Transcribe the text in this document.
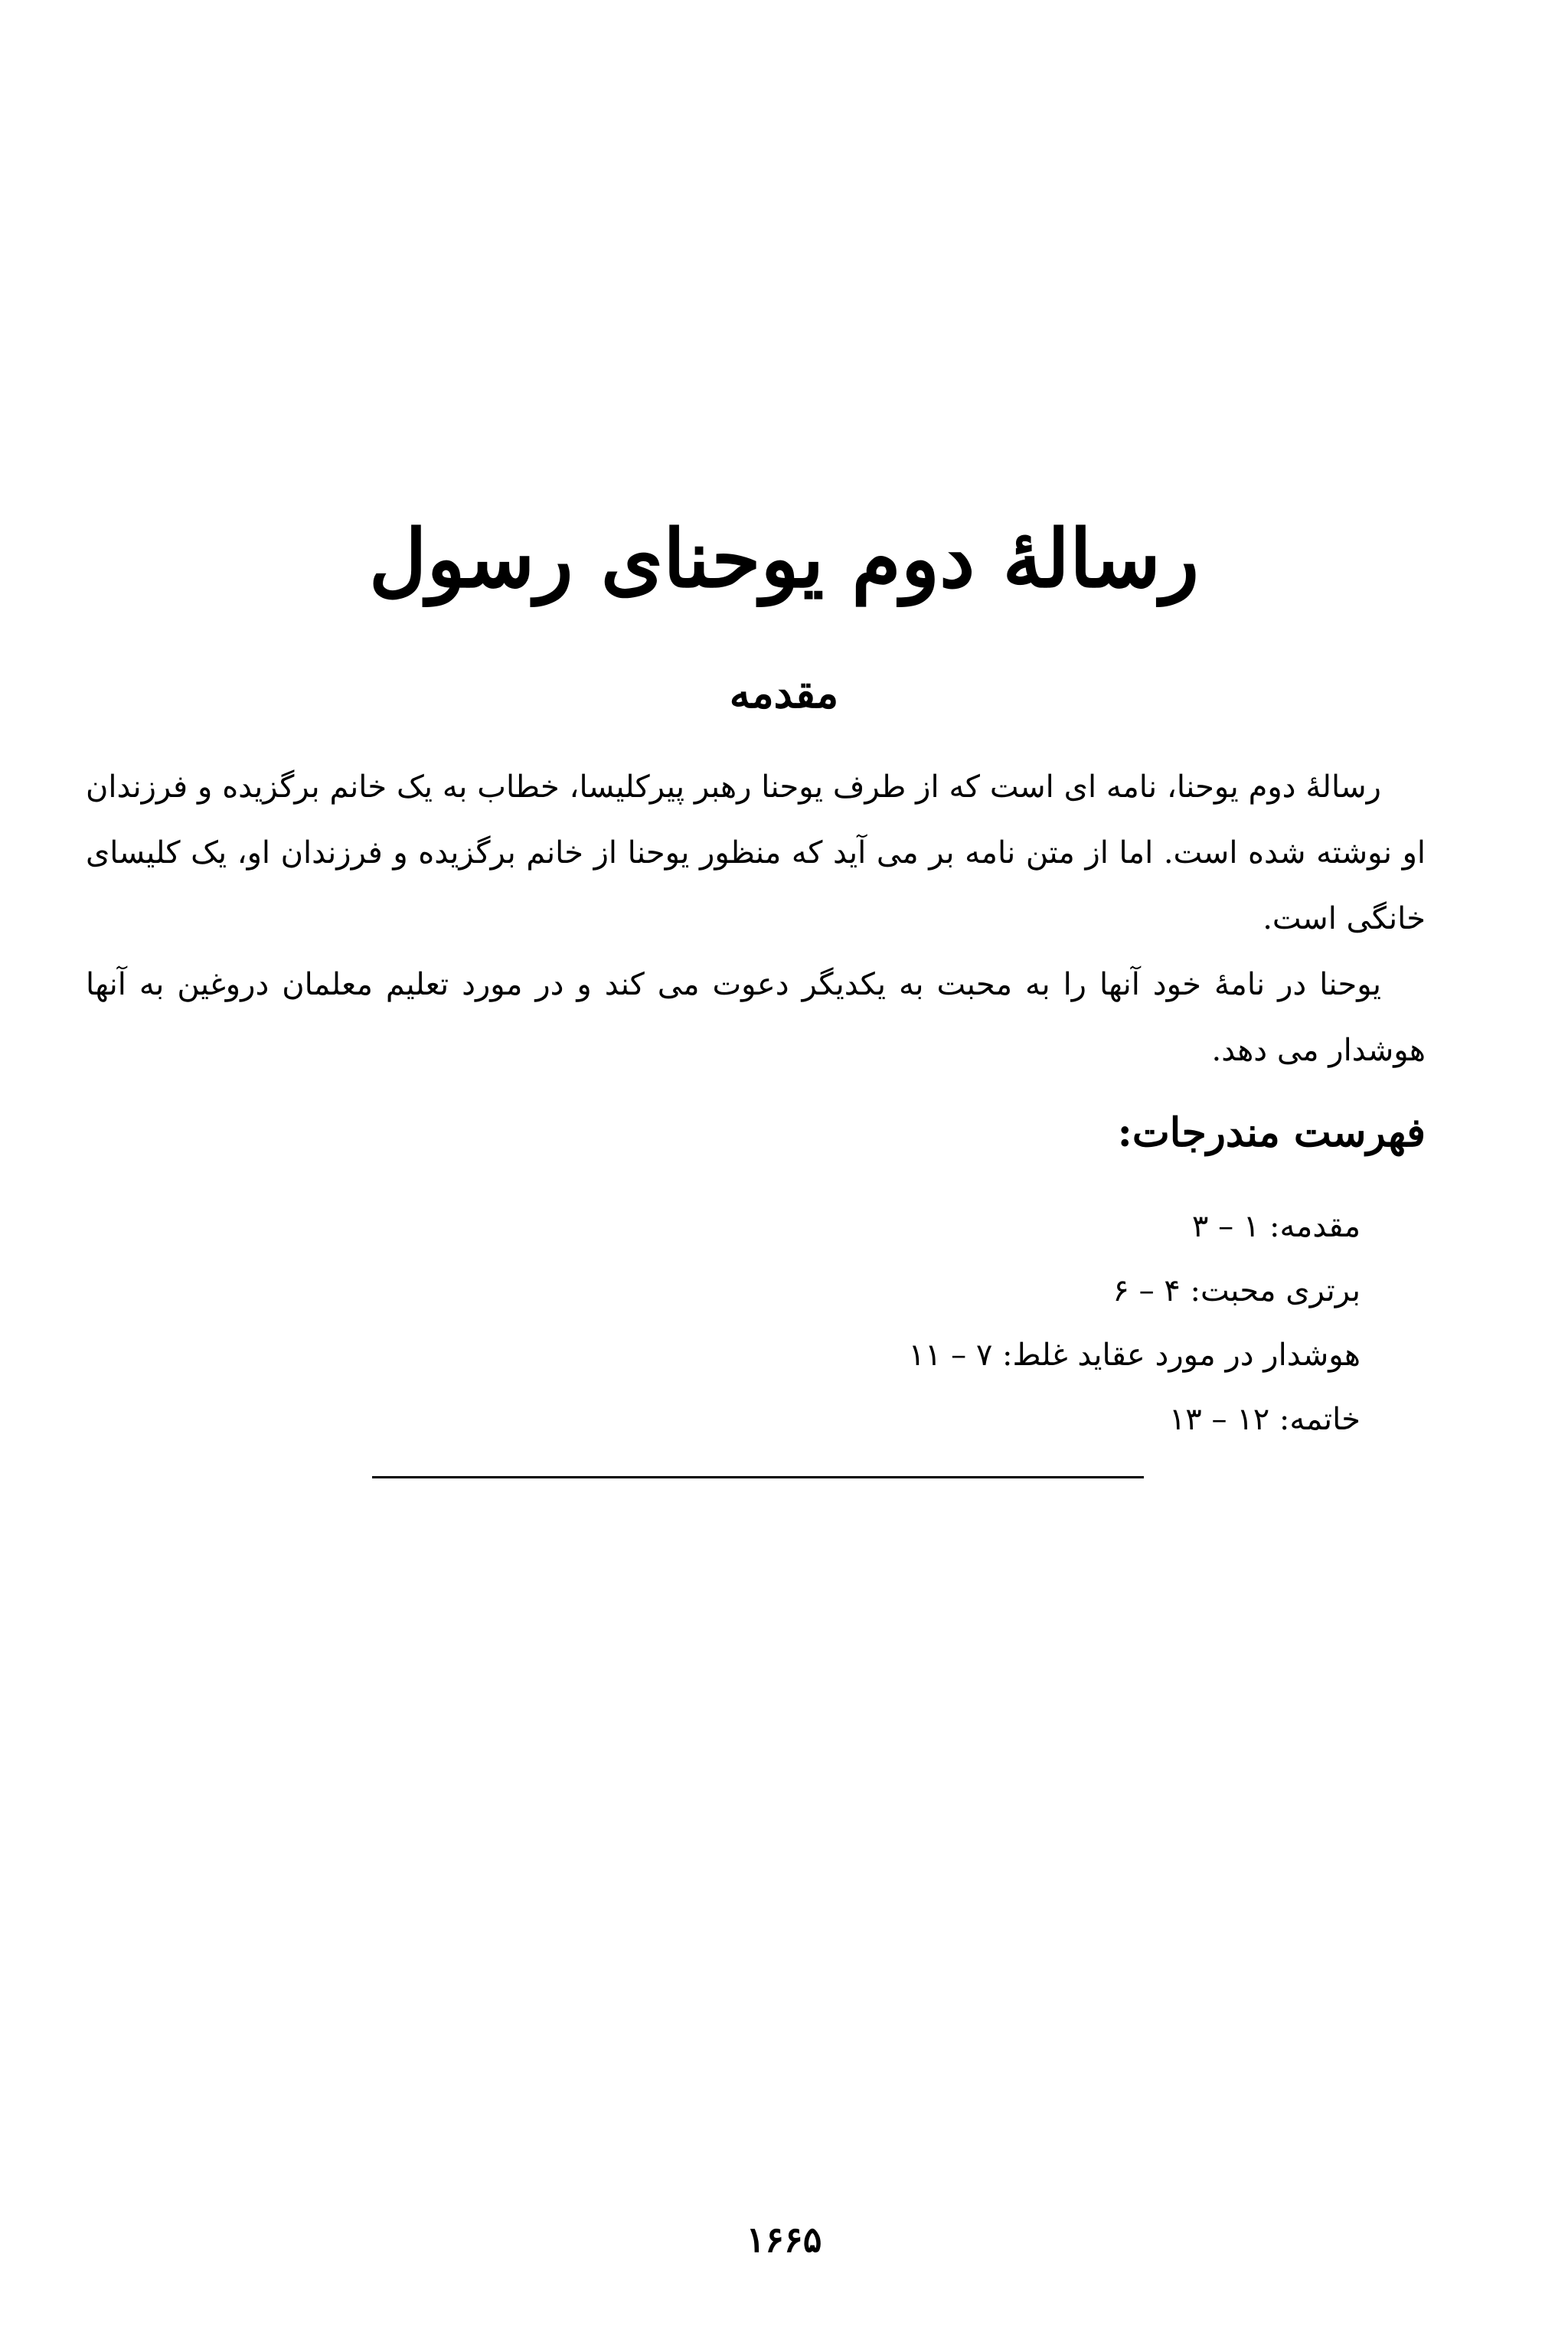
رسالهٔ دوم یوحنای رسول
مقدمه

رسالهٔ دوم یوحنا، نامه ای است که از طرف یوحنا رهبر پیرکلیسا، خطاب به یک خانم برگزیده و فرزندان او نوشته شده است. اما از متن نامه بر می آید که منظور یوحنا از خانم برگزیده و فرزندان او، یک کلیسای خانگی است.

یوحنا در نامهٔ خود آنها را به محبت به یکدیگر دعوت می کند و در مورد تعلیم معلمان دروغین به آنها هوشدار می دهد.

فهرست مندرجات:
مقدمه: ۱ – ۳
برتری محبت: ۴ – ۶
هوشدار در مورد عقاید غلط: ۷ – ۱۱
خاتمه: ۱۲ – ۱۳
۱۶۶۵
